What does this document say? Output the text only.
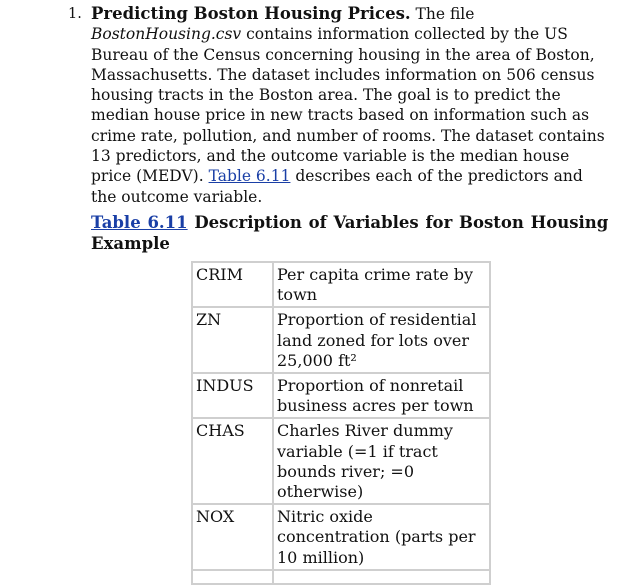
1. Predicting Boston Housing Prices. The file BostonHousing.csv contains information collected by the US Bureau of the Census concerning housing in the area of Boston, Massachusetts. The dataset includes information on 506 census housing tracts in the Boston area. The goal is to predict the median house price in new tracts based on information such as crime rate, pollution, and number of rooms. The dataset contains 13 predictors, and the outcome variable is the median house price (MEDV). Table 6.11 describes each of the predictors and the outcome variable.

Table 6.11 Description of Variables for Boston Housing Example

CRIM	Per capita crime rate by town
ZN	Proportion of residential land zoned for lots over 25,000 ft²
INDUS	Proportion of nonretail business acres per town
CHAS	Charles River dummy variable (=1 if tract bounds river; =0 otherwise)
NOX	Nitric oxide concentration (parts per 10 million)
